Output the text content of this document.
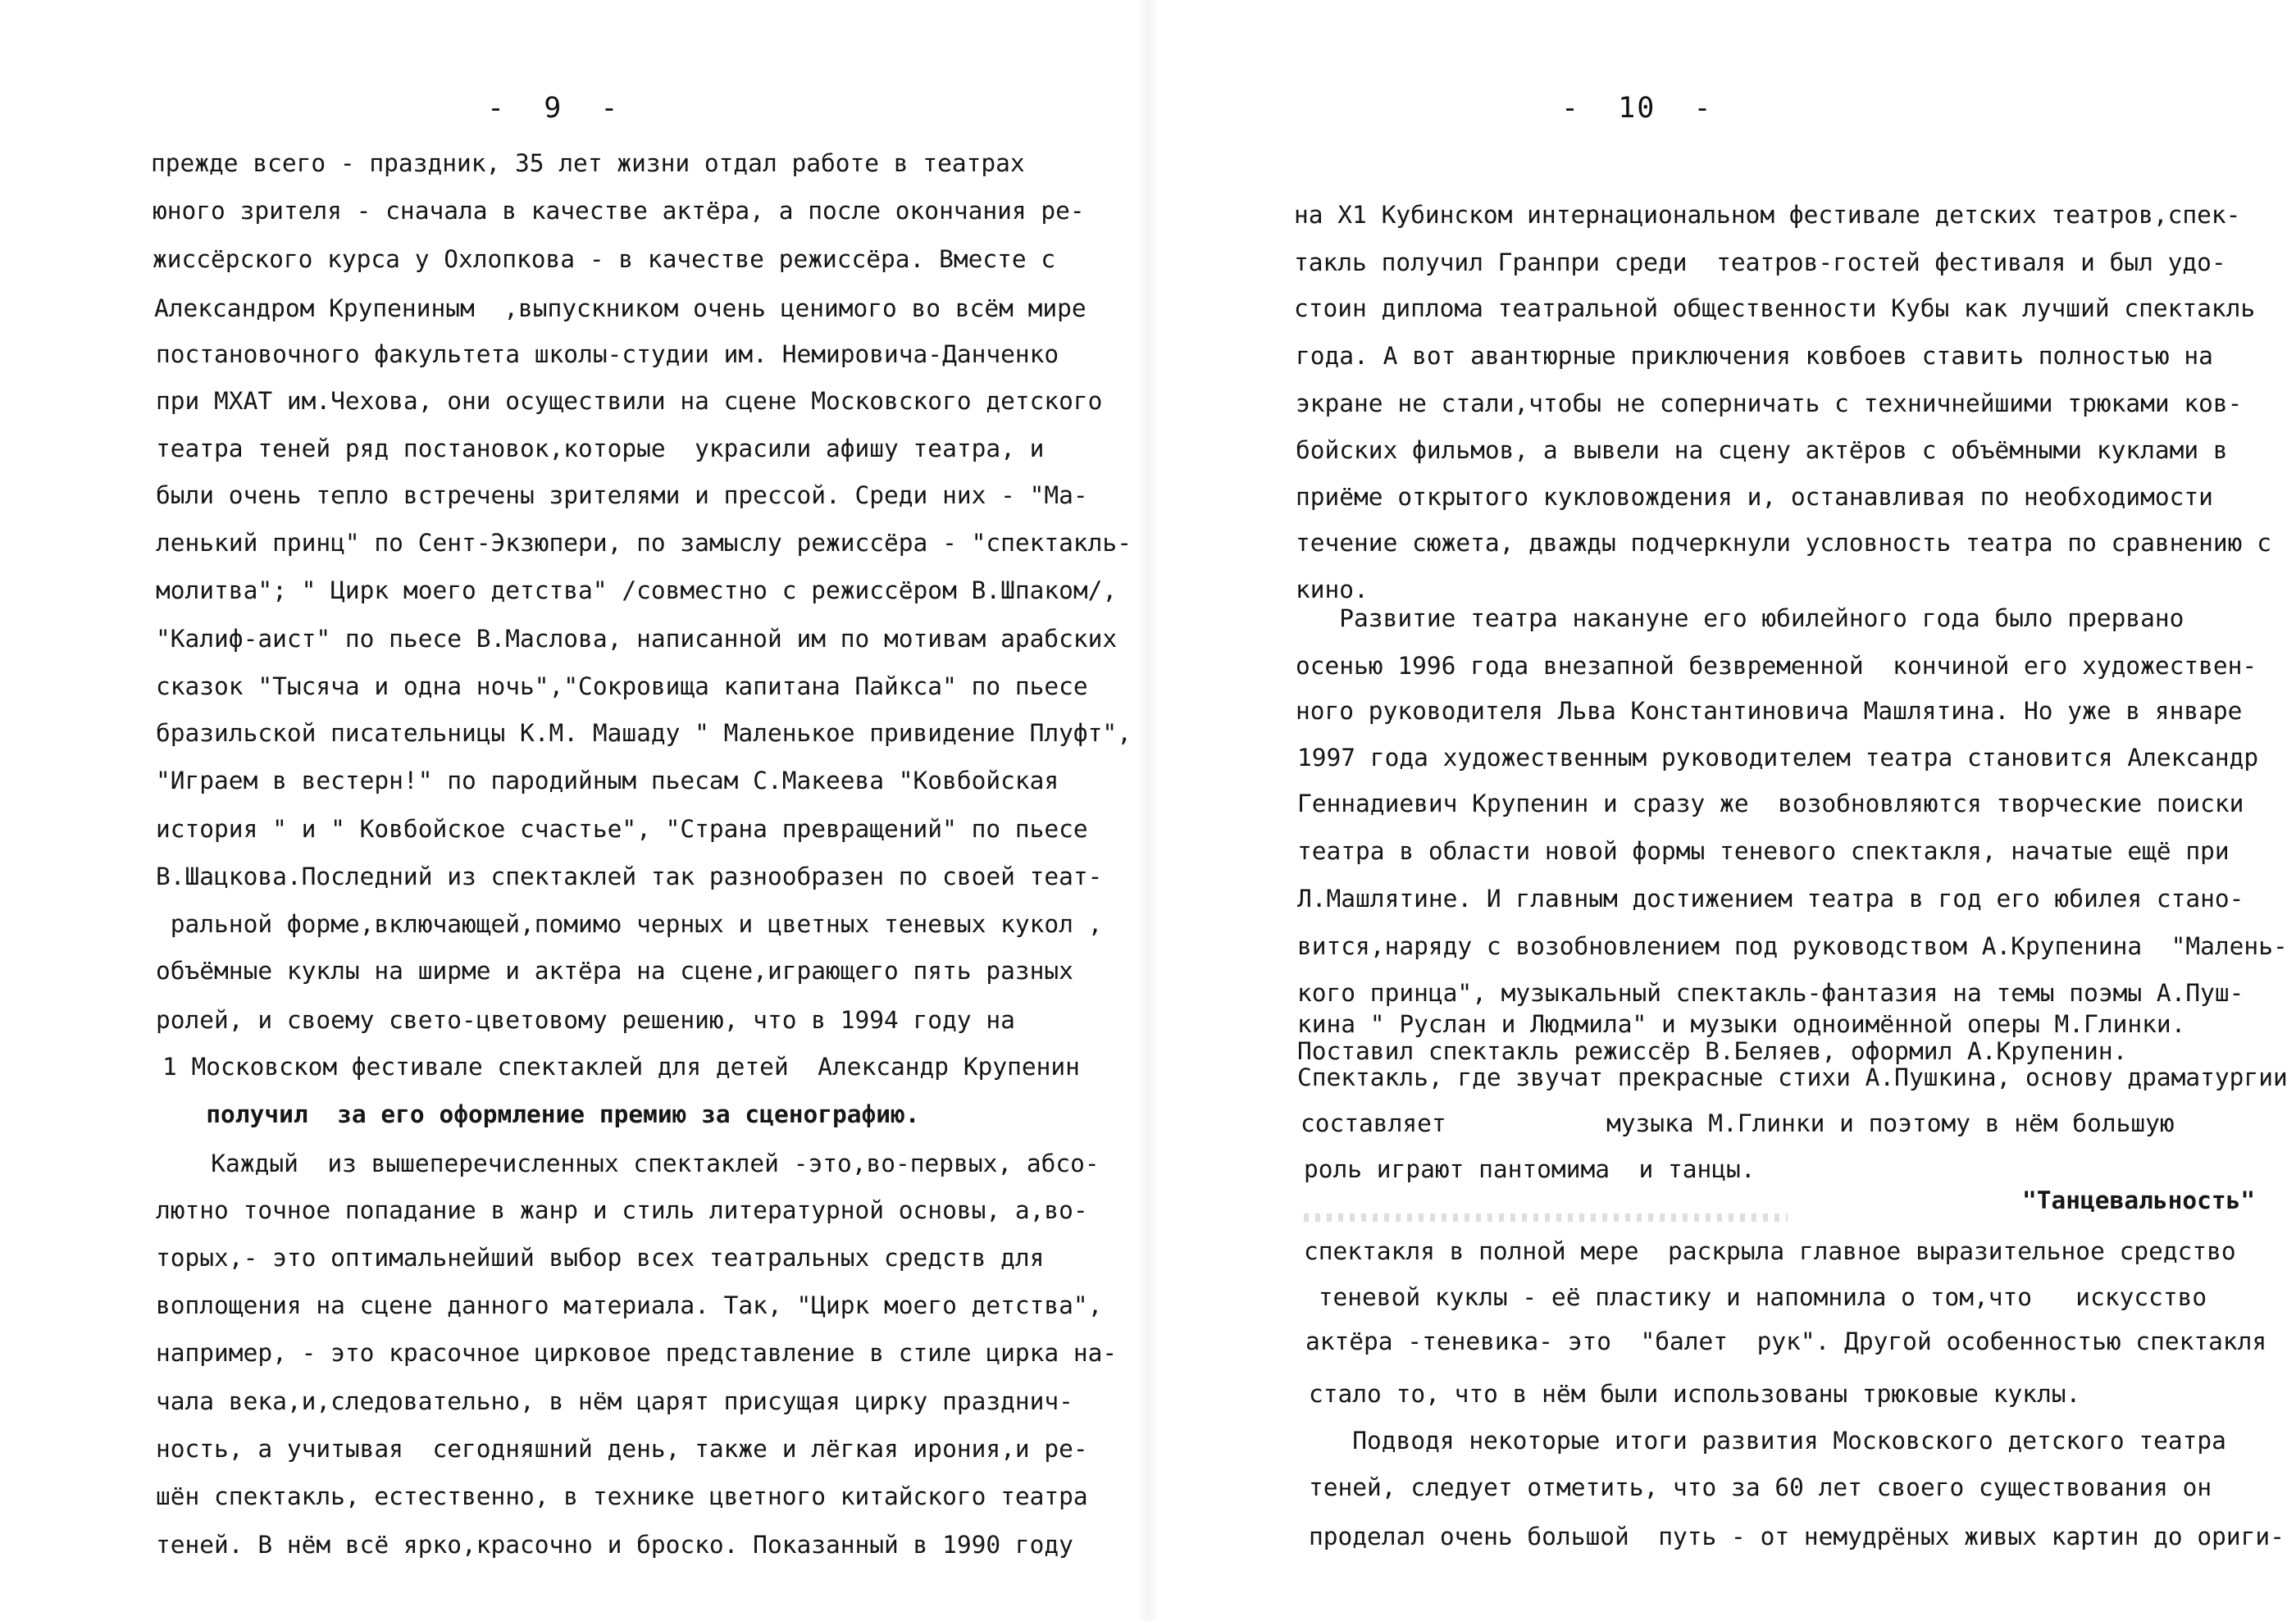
-  9  -
прежде всего - праздник, 35 лет жизни отдал работе в театрах
юного зрителя - сначала в качестве актёра, а после окончания ре-
жиссёрского курса у Охлопкова - в качестве режиссёра. Вместе с
Александром Крупениным  ,выпускником очень ценимого во всём мире
постановочного факультета школы-студии им. Немировича-Данченко
при МХАТ им.Чехова, они осуществили на сцене Московского детского
театра теней ряд постановок,которые  украсили афишу театра, и
были очень тепло встречены зрителями и прессой. Среди них - "Ма-
ленький принц" по Сент-Экзюпери, по замыслу режиссёра - "спектакль-
молитва"; " Цирк моего детства" /совместно с режиссёром В.Шпаком/,
"Калиф-аист" по пьесе В.Маслова, написанной им по мотивам арабских
сказок "Тысяча и одна ночь","Сокровища капитана Пайкса" по пьесе
бразильской писательницы К.М. Машаду " Маленькое привидение Плуфт",
"Играем в вестерн!" по пародийным пьесам С.Макеева "Ковбойская
история " и " Ковбойское счастье", "Страна превращений" по пьесе
В.Шацкова.Последний из спектаклей так разнообразен по своей теат-
ральной форме,включающей,помимо черных и цветных теневых кукол ,
объёмные куклы на ширме и актёра на сцене,играющего пять разных
ролей, и своему свето-цветовому решению, что в 1994 году на
1 Московском фестивале спектаклей для детей  Александр Крупенин
получил  за его оформление премию за сценографию.
Каждый  из вышеперечисленных спектаклей -это,во-первых, абсо-
лютно точное попадание в жанр и стиль литературной основы, а,во-
торых,- это оптимальнейший выбор всех театральных средств для
воплощения на сцене данного материала. Так, "Цирк моего детства",
например, - это красочное цирковое представление в стиле цирка на-
чала века,и,следовательно, в нём царят присущая цирку празднич-
ность, а учитывая  сегодняшний день, также и лёгкая ирония,и ре-
шён спектакль, естественно, в технике цветного китайского театра
теней. В нём всё ярко,красочно и броско. Показанный в 1990 году
-  10  -
на Х1 Кубинском интернациональном фестивале детских театров,спек-
такль получил Гранпри среди  театров-гостей фестиваля и был удо-
стоин диплома театральной общественности Кубы как лучший спектакль
года. А вот авантюрные приключения ковбоев ставить полностью на
экране не стали,чтобы не соперничать с техничнейшими трюками ков-
бойских фильмов, а вывели на сцену актёров с объёмными куклами в
приёме открытого кукловождения и, останавливая по необходимости
течение сюжета, дважды подчеркнули условность театра по сравнению с
кино.
Развитие театра накануне его юбилейного года было прервано
осенью 1996 года внезапной безвременной  кончиной его художествен-
ного руководителя Льва Константиновича Машлятина. Но уже в январе
1997 года художественным руководителем театра становится Александр
Геннадиевич Крупенин и сразу же  возобновляются творческие поиски
театра в области новой формы теневого спектакля, начатые ещё при
Л.Машлятине. И главным достижением театра в год его юбилея стано-
вится,наряду с возобновлением под руководством А.Крупенина  "Малень-
кого принца", музыкальный спектакль-фантазия на темы поэмы А.Пуш-
кина " Руслан и Людмила" и музыки одноимённой оперы М.Глинки.
Поставил спектакль режиссёр В.Беляев, оформил А.Крупенин.
Спектакль, где звучат прекрасные стихи А.Пушкина, основу драматургии
составляет           музыка М.Глинки и поэтому в нём большую
роль играют пантомима  и танцы.
"Танцевальность"
спектакля в полной мере  раскрыла главное выразительное средство
теневой куклы - её пластику и напомнила о том,что   искусство
актёра -теневика- это  "балет  рук". Другой особенностью спектакля
стало то, что в нём были использованы трюковые куклы.
Подводя некоторые итоги развития Московского детского театра
теней, следует отметить, что за 60 лет своего существования он
проделал очень большой  путь - от немудрёных живых картин до ориги-
